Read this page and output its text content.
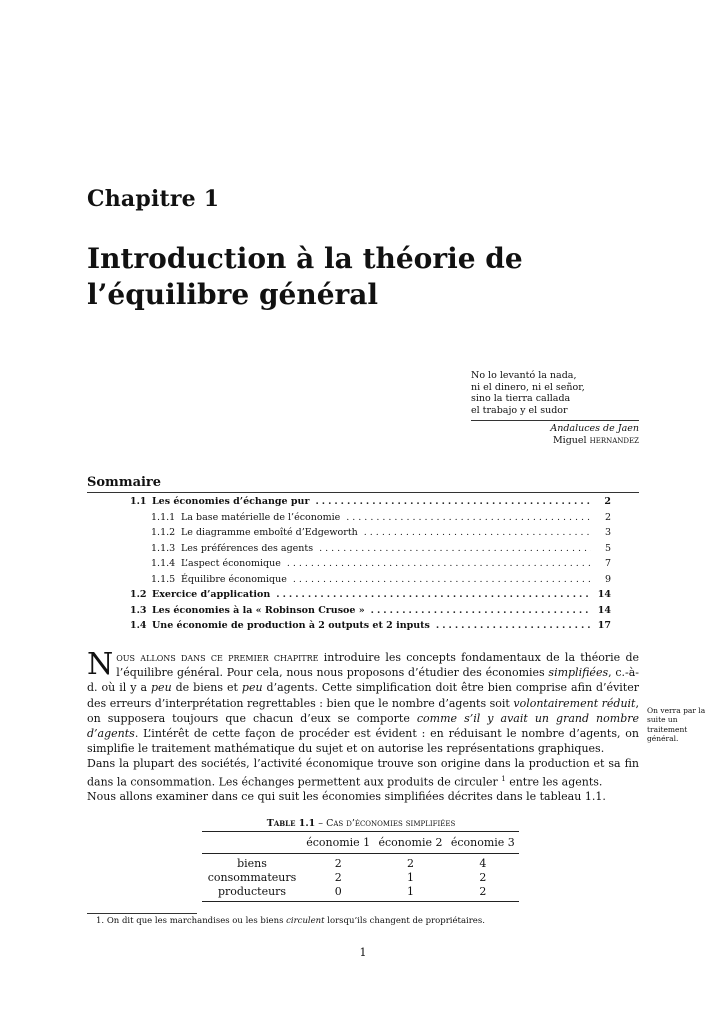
Chapitre 1
Introduction à la théorie de l’équilibre général
No lo levantó la nada,
ni el dinero, ni el señor,
sino la tierra callada
el trabajo y el sudor
Andaluces de Jaen
Miguel hernandez
Sommaire
1.1 Les économies d’échange pur .....	2
1.1.1 La base matérielle de l’économie .....	2
1.1.2 Le diagramme emboîté d’Edgeworth .....	3
1.1.3 Les préférences des agents .....	5
1.1.4 L’aspect économique .....	7
1.1.5 Équilibre économique .....	9
1.2 Exercice d’application .....	14
1.3 Les économies à la « Robinson Crusoe » .....	14
1.4 Une économie de production à 2 outputs et 2 inputs .....	17

Nous allons dans ce premier chapitre introduire les concepts fondamentaux de la théorie de l’équilibre général. Pour cela, nous nous proposons d’étudier des économies simplifiées, c.-à-d. où il y a peu de biens et peu d’agents. Cette simplification doit être bien comprise afin d’éviter des erreurs d’interprétation regrettables : bien que le nombre d’agents soit volontairement réduit, on supposera toujours que chacun d’eux se comporte comme s’il y avait un grand nombre d’agents. L’intérêt de cette façon de procéder est évident : en réduisant le nombre d’agents, on simplifie le traitement mathématique du sujet et on autorise les représentations graphiques.

Dans la plupart des sociétés, l’activité économique trouve son origine dans la production et sa fin dans la consommation. Les échanges permettent aux produits de circuler $^1$ entre les agents.

Nous allons examiner dans ce qui suit les économies simplifiées décrites dans le tableau 1.1.

On verra par la suite un traitement général.
Table 1.1 – Cas d’économies simplifiées
	économie 1	économie 2	économie 3
biens	2	2	4
consommateurs	2	1	2
producteurs	0	1	2
1. On dit que les marchandises ou les biens circulent lorsqu’ils changent de propriétaires.
1
